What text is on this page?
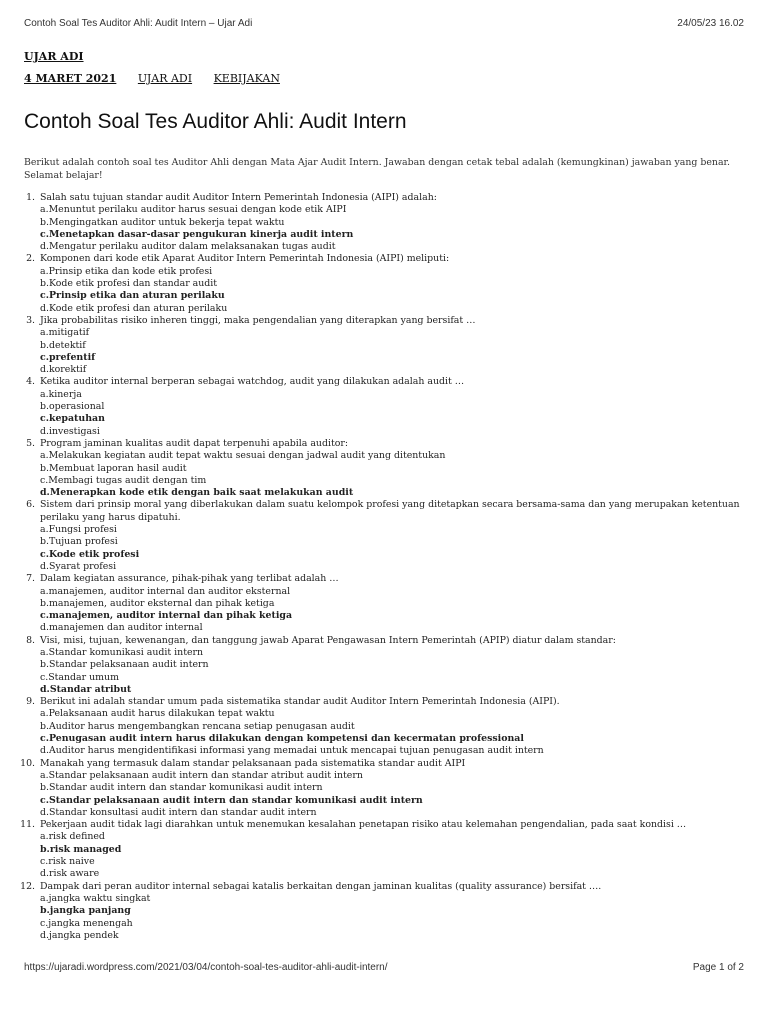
Contoh Soal Tes Auditor Ahli: Audit Intern – Ujar Adi	24/05/23 16.02
UJAR ADI
4 MARET 2021 UJAR ADI KEBIJAKAN
Contoh Soal Tes Auditor Ahli: Audit Intern

Berikut adalah contoh soal tes Auditor Ahli dengan Mata Ajar Audit Intern. Jawaban dengan cetak tebal adalah (kemungkinan) jawaban yang benar. Selamat belajar!

1. Salah satu tujuan standar audit Auditor Intern Pemerintah Indonesia (AIPI) adalah:
a.Menuntut perilaku auditor harus sesuai dengan kode etik AIPI
b.Mengingatkan auditor untuk bekerja tepat waktu
c.Menetapkan dasar-dasar pengukuran kinerja audit intern
d.Mengatur perilaku auditor dalam melaksanakan tugas audit
2. Komponen dari kode etik Aparat Auditor Intern Pemerintah Indonesia (AIPI) meliputi:
a.Prinsip etika dan kode etik profesi
b.Kode etik profesi dan standar audit
c.Prinsip etika dan aturan perilaku
d.Kode etik profesi dan aturan perilaku
3. Jika probabilitas risiko inheren tinggi, maka pengendalian yang diterapkan yang bersifat …
a.mitigatif
b.detektif
c.prefentif
d.korektif
4. Ketika auditor internal berperan sebagai watchdog, audit yang dilakukan adalah audit …
a.kinerja
b.operasional
c.kepatuhan
d.investigasi
5. Program jaminan kualitas audit dapat terpenuhi apabila auditor:
a.Melakukan kegiatan audit tepat waktu sesuai dengan jadwal audit yang ditentukan
b.Membuat laporan hasil audit
c.Membagi tugas audit dengan tim
d.Menerapkan kode etik dengan baik saat melakukan audit
6. Sistem dari prinsip moral yang diberlakukan dalam suatu kelompok profesi yang ditetapkan secara bersama-sama dan yang merupakan ketentuan perilaku yang harus dipatuhi.
a.Fungsi profesi
b.Tujuan profesi
c.Kode etik profesi
d.Syarat profesi
7. Dalam kegiatan assurance, pihak-pihak yang terlibat adalah …
a.manajemen, auditor internal dan auditor eksternal
b.manajemen, auditor eksternal dan pihak ketiga
c.manajemen, auditor internal dan pihak ketiga
d.manajemen dan auditor internal
8. Visi, misi, tujuan, kewenangan, dan tanggung jawab Aparat Pengawasan Intern Pemerintah (APIP) diatur dalam standar:
a.Standar komunikasi audit intern
b.Standar pelaksanaan audit intern
c.Standar umum
d.Standar atribut
9. Berikut ini adalah standar umum pada sistematika standar audit Auditor Intern Pemerintah Indonesia (AIPI).
a.Pelaksanaan audit harus dilakukan tepat waktu
b.Auditor harus mengembangkan rencana setiap penugasan audit
c.Penugasan audit intern harus dilakukan dengan kompetensi dan kecermatan professional
d.Auditor harus mengidentifikasi informasi yang memadai untuk mencapai tujuan penugasan audit intern
10. Manakah yang termasuk dalam standar pelaksanaan pada sistematika standar audit AIPI
a.Standar pelaksanaan audit intern dan standar atribut audit intern
b.Standar audit intern dan standar komunikasi audit intern
c.Standar pelaksanaan audit intern dan standar komunikasi audit intern
d.Standar konsultasi audit intern dan standar audit intern
11. Pekerjaan audit tidak lagi diarahkan untuk menemukan kesalahan penetapan risiko atau kelemahan pengendalian, pada saat kondisi …
a.risk defined
b.risk managed
c.risk naive
d.risk aware
12. Dampak dari peran auditor internal sebagai katalis berkaitan dengan jaminan kualitas (quality assurance) bersifat ….
a.jangka waktu singkat
b.jangka panjang
c.jangka menengah
d.jangka pendek
https://ujaradi.wordpress.com/2021/03/04/contoh-soal-tes-auditor-ahli-audit-intern/	Page 1 of 2
